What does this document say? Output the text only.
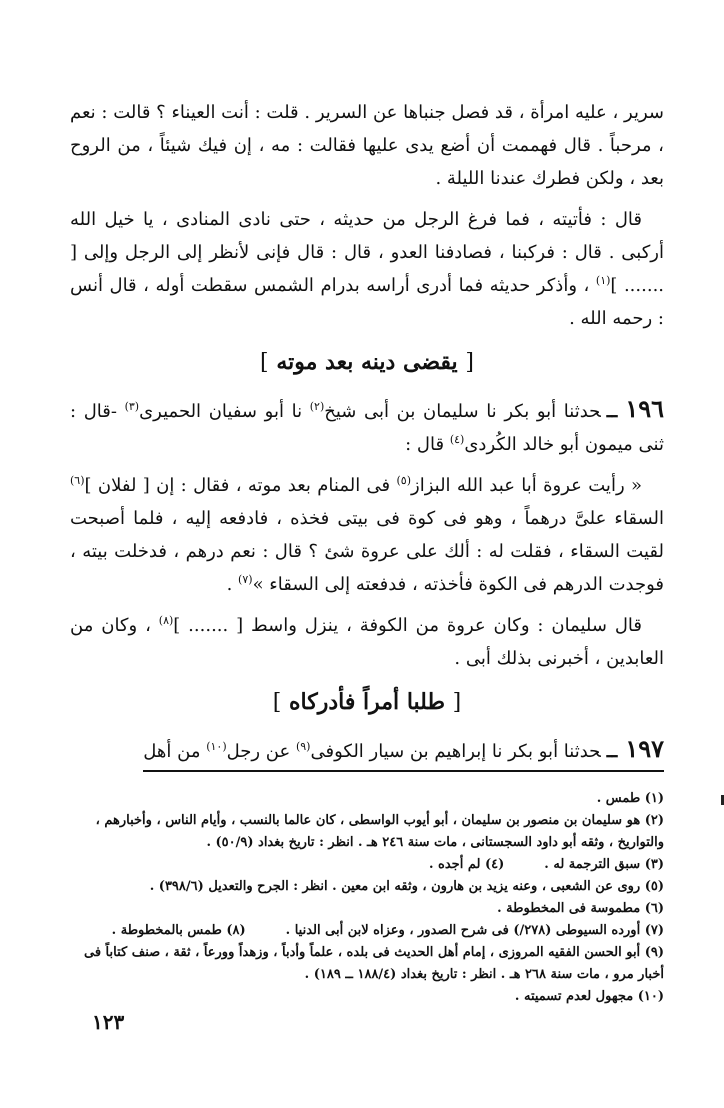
سرير ، عليه امرأة ، قد فصل جنباها عن السرير . قلت : أنت العيناء ؟ قالت : نعم ، مرحباً . قال فهممت أن أضع يدى عليها فقالت : مه ، إن فيك شيئاً ، من الروح بعد ، ولكن فطرك عندنا الليلة .

قال : فأتيته ، فما فرغ الرجل من حديثه ، حتى نادى المنادى ، يا خيل الله أركبى . قال : فركبنا ، فصادفنا العدو ، قال : قال فإنى لأنظر إلى الرجل وإلى [ ....... ]$^{(١)}$ ، وأذكر حديثه فما أدرى أراسه بدرام الشمس سقطت أوله ، قال أنس : رحمه الله .

[ يقضى دينه بعد موته ]

١٩٦ــحدثنا أبو بكر نا سليمان بن أبى شيخ$^{(٢)}$ نا أبو سفيان الحميرى$^{(٣)}$ -قال : ثنى ميمون أبو خالد الكُردى$^{(٤)}$ قال :

« رأيت عروة أبا عبد الله البزاز$^{(٥)}$ فى المنام بعد موته ، فقال : إن [ لفلان ]$^{(٦)}$ السقاء علىَّ درهماً ، وهو فى كوة فى بيتى فخذه ، فادفعه إليه ، فلما أصبحت لقيت السقاء ، فقلت له : ألك على عروة شئ ؟ قال : نعم درهم ، فدخلت بيته ، فوجدت الدرهم فى الكوة فأخذته ، فدفعته إلى السقاء »$^{(٧)}$ .

قال سليمان : وكان عروة من الكوفة ، ينزل واسط [ ....... ]$^{(٨)}$ ، وكان من العابدين ، أخبرنى بذلك أبى .

[ طلبا أمراً فأدركاه ]

١٩٧ــحدثنا أبو بكر نا إبراهيم بن سيار الكوفى$^{(٩)}$ عن رجل$^{(١٠)}$ من أهل

(١) طمس .

(٢) هو سليمان بن منصور بن سليمان ، أبو أيوب الواسطى ، كان عالما بالنسب ، وأيام الناس ، وأخبارهم ، والتواريخ ، وثقه أبو داود السجستانى ، مات سنة ٢٤٦ هـ . انظر : تاريخ بغداد (٥٠/٩) .

(٣) سبق الترجمة له .
(٤) لم أجده .

(٥) روى عن الشعبى ، وعنه يزيد بن هارون ، وثقه ابن معين . انظر : الجرح والتعديل (٣٩٨/٦) .

(٦) مطموسة فى المخطوطة .

(٧) أورده السيوطى (٢٧٨/) فى شرح الصدور ، وعزاه لابن أبى الدنيا .
(٨) طمس بالمخطوطة .

(٩) أبو الحسن الفقيه المروزى ، إمام أهل الحديث فى بلده ، علماً وأدباً ، وزهداً وورعاً ، ثقة ، صنف كتاباً فى أخبار مرو ، مات سنة ٢٦٨ هـ . انظر : تاريخ بغداد (١٨٨/٤ ــ ١٨٩) .

(١٠) مجهول لعدم تسميته .

١٢٣
